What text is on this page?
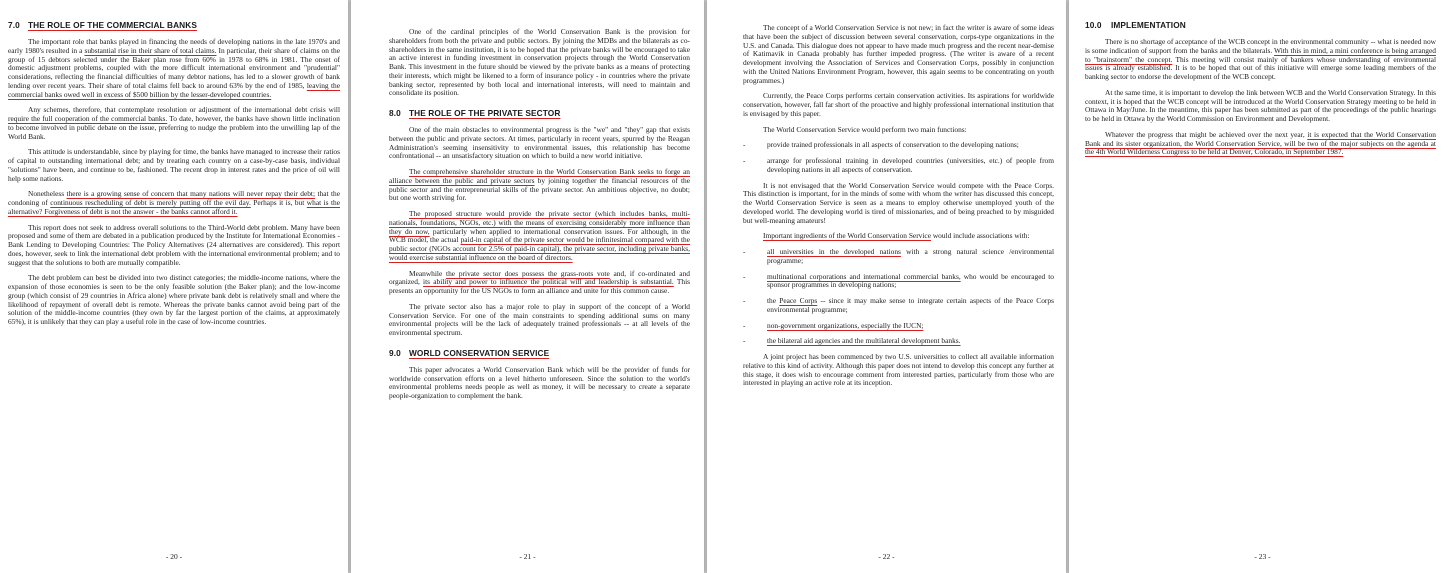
7.0 THE ROLE OF THE COMMERCIAL BANKS

The important role that banks played in financing the needs of developing nations in the late 1970's and early 1980's resulted in a substantial rise in their share of total claims. In particular, their share of claims on the group of 15 debtors selected under the Baker plan rose from 60% in 1978 to 68% in 1981. The onset of domestic adjustment problems, coupled with the more difficult international environment and "prudential" considerations, reflecting the financial difficulties of many debtor nations, has led to a slower growth of bank lending over recent years. Their share of total claims fell back to around 63% by the end of 1985, leaving the commercial banks owed well in excess of $500 billion by the lesser-developed countries.

Any schemes, therefore, that contemplate resolution or adjustment of the international debt crisis will require the full cooperation of the commercial banks. To date, however, the banks have shown little inclination to become involved in public debate on the issue, preferring to nudge the problem into the unwilling lap of the World Bank.

This attitude is understandable, since by playing for time, the banks have managed to increase their ratios of capital to outstanding international debt; and by treating each country on a case-by-case basis, individual "solutions" have been, and continue to be, fashioned. The recent drop in interest rates and the price of oil will help some nations.

Nonetheless there is a growing sense of concern that many nations will never repay their debt; that the condoning of continuous rescheduling of debt is merely putting off the evil day. Perhaps it is, but what is the alternative? Forgiveness of debt is not the answer - the banks cannot afford it.

This report does not seek to address overall solutions to the Third-World debt problem. Many have been proposed and some of them are debated in a publication produced by the Institute for International Economies - Bank Lending to Developing Countries: The Policy Alternatives (24 alternatives are considered). This report does, however, seek to link the international debt problem with the international environmental problem; and to suggest that the solutions to both are mutually compatible.

The debt problem can best be divided into two distinct categories; the middle-income nations, where the expansion of those economies is seen to be the only feasible solution (the Baker plan); and the low-income group (which consist of 29 countries in Africa alone) where private bank debt is relatively small and where the likelihood of repayment of overall debt is remote. Whereas the private banks cannot avoid being part of the solution of the middle-income countries (they own by far the largest portion of the claims, at approximately 65%), it is unlikely that they can play a useful role in the case of low-income countries.

- 20 -

One of the cardinal principles of the World Conservation Bank is the provision for shareholders from both the private and public sectors. By joining the MDBs and the bilaterals as co-shareholders in the same institution, it is to be hoped that the private banks will be encouraged to take an active interest in funding investment in conservation projects through the World Conservation Bank. This investment in the future should be viewed by the private banks as a means of protecting their interests, which might be likened to a form of insurance policy - in countries where the private banking sector, represented by both local and international interests, will need to maintain and consolidate its position.

8.0 THE ROLE OF THE PRIVATE SECTOR

One of the main obstacles to environmental progress is the "we" and "they" gap that exists between the public and private sectors. At times, particularly in recent years, spurred by the Reagan Administration's seeming insensitivity to environmental issues, this relationship has become confrontational -- an unsatisfactory situation on which to build a new world initiative.

The comprehensive shareholder structure in the World Conservation Bank seeks to forge an alliance between the public and private sectors by joining together the financial resources of the public sector and the entrepreneurial skills of the private sector. An ambitious objective, no doubt; but one worth striving for.

The proposed structure would provide the private sector (which includes banks, multi-nationals, foundations, NGOs, etc.) with the means of exercising considerably more influence than they do now, particularly when applied to international conservation issues. For although, in the WCB model, the actual paid-in capital of the private sector would be infinitesimal compared with the public sector (NGOs account for 2.5% of paid-in capital), the private sector, including private banks, would exercise substantial influence on the board of directors.

Meanwhile the private sector does possess the grass-roots vote and, if co-ordinated and organized, its ability and power to influence the political will and leadership is substantial. This presents an opportunity for the US NGOs to form an alliance and unite for this common cause.

The private sector also has a major role to play in support of the concept of a World Conservation Service. For one of the main constraints to spending additional sums on many environmental projects will be the lack of adequately trained professionals -- at all levels of the environmental spectrum.

9.0 WORLD CONSERVATION SERVICE

This paper advocates a World Conservation Bank which will be the provider of funds for worldwide conservation efforts on a level hitherto unforeseen. Since the solution to the world's environmental problems needs people as well as money, it will be necessary to create a separate people-organization to complement the bank.

- 21 -

The concept of a World Conservation Service is not new; in fact the writer is aware of some ideas that have been the subject of discussion between several conservation, corps-type organizations in the U.S. and Canada. This dialogue does not appear to have made much progress and the recent near-demise of Katimavik in Canada probably has further impeded progress. (The writer is aware of a recent development involving the Association of Services and Conservation Corps, possibly in conjunction with the United Nations Environment Program, however, this again seems to be concentrating on youth programmes.)

Currently, the Peace Corps performs certain conservation activities. Its aspirations for worldwide conservation, however, fall far short of the proactive and highly professional international institution that is envisaged by this paper.

The World Conservation Service would perform two main functions:

-	provide trained professionals in all aspects of conservation to the developing nations;
-	arrange for professional training in developed countries (universities, etc.) of people from developing nations in all aspects of conservation.

It is not envisaged that the World Conservation Service would compete with the Peace Corps. This distinction is important, for in the minds of some with whom the writer has discussed this concept, the World Conservation Service is seen as a means to employ otherwise unemployed youth of the developed world. The developing world is tired of missionaries, and of being preached to by misguided but well-meaning amateurs!

Important ingredients of the World Conservation Service would include associations with:

-	all universities in the developed nations with a strong natural science /environmental programme;
-	multinational corporations and international commercial banks, who would be encouraged to sponsor programmes in developing nations;
-	the Peace Corps -- since it may make sense to integrate certain aspects of the Peace Corps environmental programme;
-	non-government organizations, especially the IUCN;
-	the bilateral aid agencies and the multilateral development banks.

A joint project has been commenced by two U.S. universities to collect all available information relative to this kind of activity. Although this paper does not intend to develop this concept any further at this stage, it does wish to encourage comment from interested parties, particularly from those who are interested in playing an active role at its inception.

- 22 -
10.0 IMPLEMENTATION

There is no shortage of acceptance of the WCB concept in the environmental community -- what is needed now is some indication of support from the banks and the bilaterals. With this in mind, a mini conference is being arranged to "brainstorm" the concept. This meeting will consist mainly of bankers whose understanding of environmental issues is already established. It is to be hoped that out of this initiative will emerge some leading members of the banking sector to endorse the development of the WCB concept.

At the same time, it is important to develop the link between WCB and the World Conservation Strategy. In this context, it is hoped that the WCB concept will be introduced at the World Conservation Strategy meeting to be held in Ottawa in May/June. In the meantime, this paper has been submitted as part of the proceedings of the public hearings to be held in Ottawa by the World Commission on Environment and Development.

Whatever the progress that might be achieved over the next year, it is expected that the World Conservation Bank and its sister organization, the World Conservation Service, will be two of the major subjects on the agenda at the 4th World Wilderness Congress to be held at Denver, Colorado, in September 1987.

- 23 -
